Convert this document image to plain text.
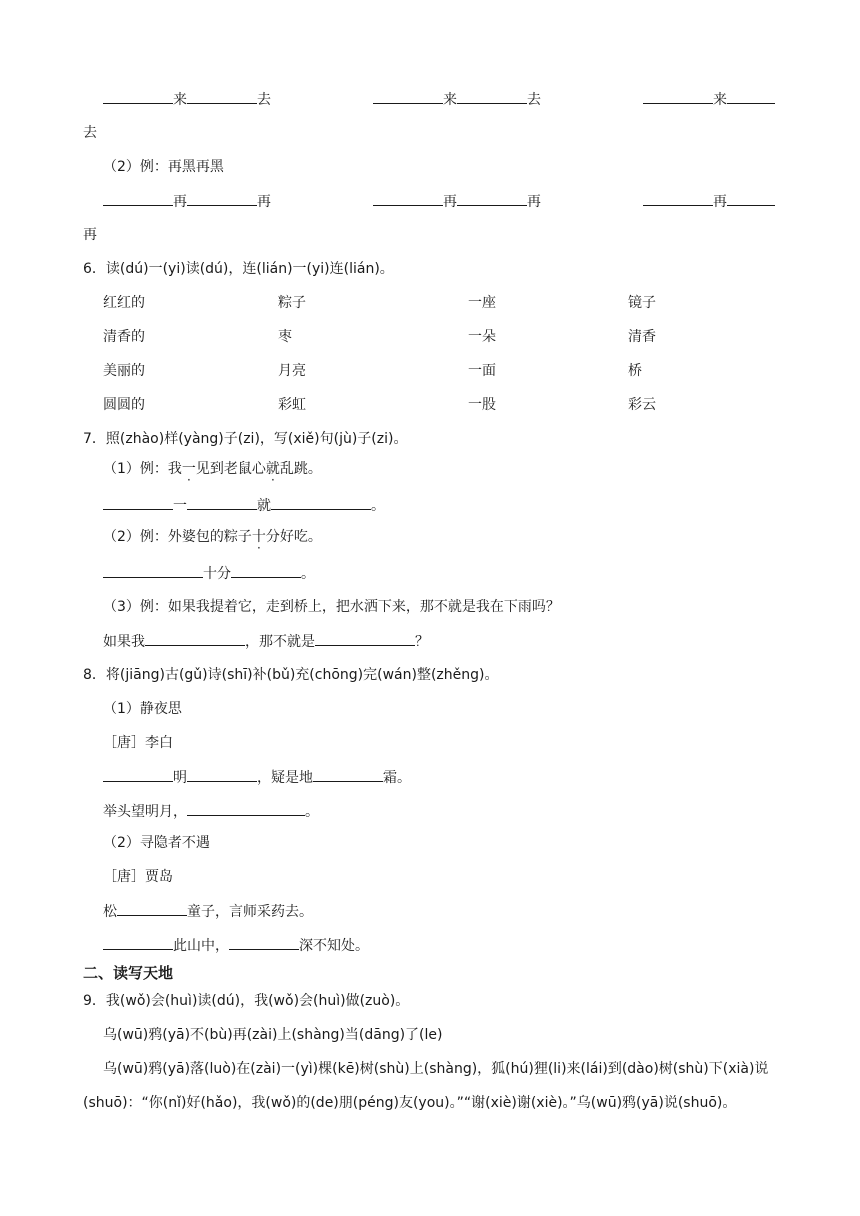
来	去	来	去	来
去
（2）例：再黑再黑
再	再	再	再	再
再
6．读(dú)一(yi)读(dú)，连(lián)一(yi)连(lián)。
红红的	粽子	一座	镜子
清香的	枣	一朵	清香
美丽的	月亮	一面	桥
圆圆的	彩虹	一股	彩云
7．照(zhào)样(yàng)子(zi)，写(xiě)句(jù)子(zi)。
（1）例：我一见到老鼠心就乱跳。
一	就	。
（2）例：外婆包的粽子十分好吃。
十分	。
（3）例：如果我提着它，走到桥上，把水洒下来，那不就是我在下雨吗？
如果我	，那不就是	？
8．将(jiāng)古(gǔ)诗(shī)补(bǔ)充(chōng)完(wán)整(zhěng)。
（1）静夜思
［唐］李白
明	，疑是地	霜。
举头望明月，	。
（2）寻隐者不遇
［唐］贾岛
松	童子，言师采药去。
此山中，	深不知处。
二、读写天地
9．我(wǒ)会(huì)读(dú)，我(wǒ)会(huì)做(zuò)。
乌(wū)鸦(yā)不(bù)再(zài)上(shàng)当(dāng)了(le)
乌(wū)鸦(yā)落(luò)在(zài)一(yì)棵(kē)树(shù)上(shàng)，狐(hú)狸(li)来(lái)到(dào)树(shù)下(xià)说
(shuō)：“你(nǐ)好(hǎo)，我(wǒ)的(de)朋(péng)友(you)。”“谢(xiè)谢(xiè)。”乌(wū)鸦(yā)说(shuō)。
